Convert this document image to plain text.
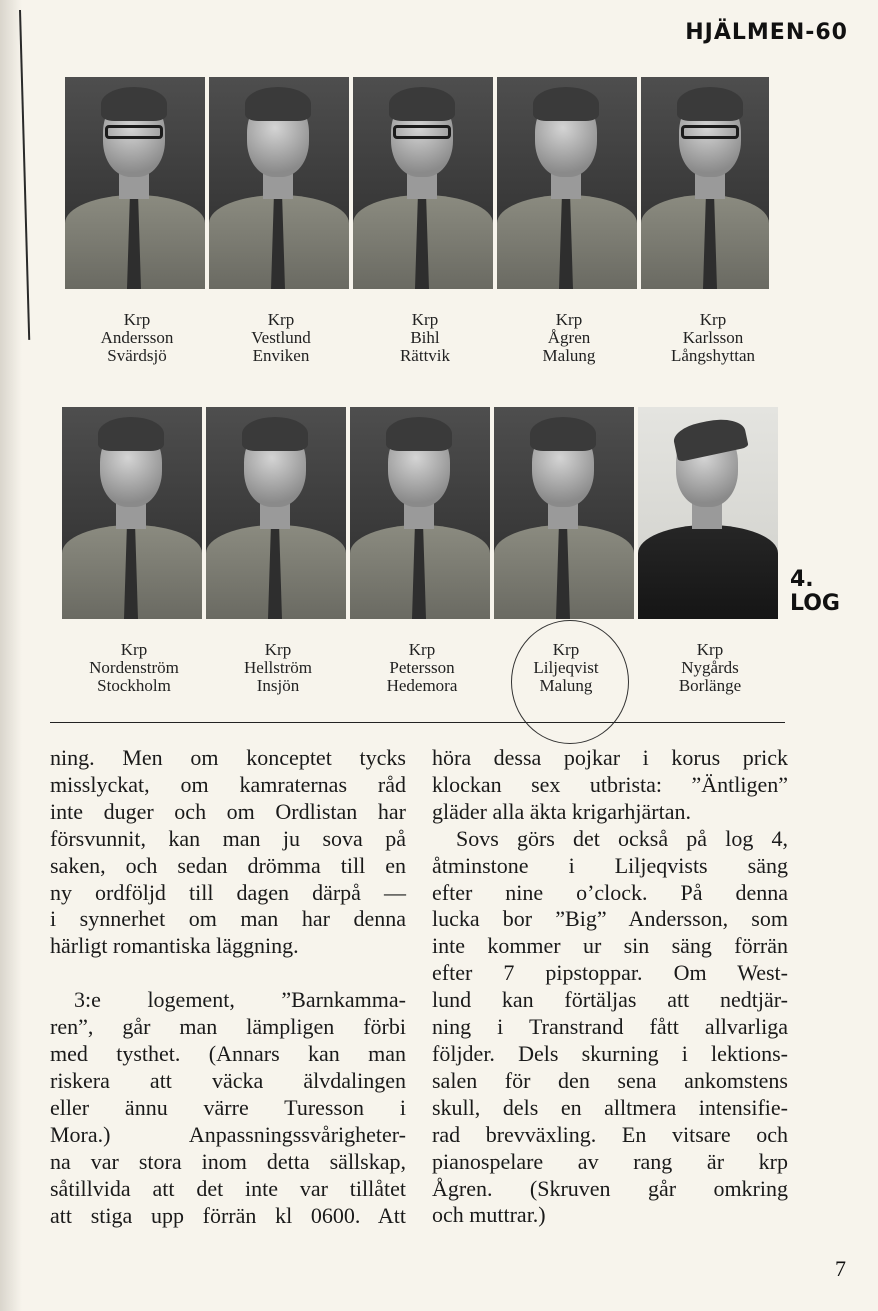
HJÄLMEN-60
Krp
Andersson
Svärdsjö
Krp
Vestlund
Enviken
Krp
Bihl
Rättvik
Krp
Ågren
Malung
Krp
Karlsson
Långshyttan
4.
LOG
Krp
Nordenström
Stockholm
Krp
Hellström
Insjön
Krp
Petersson
Hedemora
Krp
Liljeqvist
Malung
Krp
Nygårds
Borlänge
ning. Men om konceptet tycks
misslyckat, om kamraternas råd
inte duger och om Ordlistan har
försvunnit, kan man ju sova på
saken, och sedan drömma till en
ny ordföljd till dagen därpå —
i synnerhet om man har denna
härligt romantiska läggning.
3:e logement, ”Barnkamma-
ren”, går man lämpligen förbi
med tysthet. (Annars kan man
riskera att väcka älvdalingen
eller ännu värre Turesson i
Mora.) Anpassningssvårigheter-
na var stora inom detta sällskap,
såtillvida att det inte var tillåtet
att stiga upp förrän kl 0600. Att
höra dessa pojkar i korus prick
klockan sex utbrista: ”Äntligen”
gläder alla äkta krigarhjärtan.
Sovs görs det också på log 4,
åtminstone i Liljeqvists säng
efter nine o’clock. På denna
lucka bor ”Big” Andersson, som
inte kommer ur sin säng förrän
efter 7 pipstoppar. Om West-
lund kan förtäljas att nedtjär-
ning i Transtrand fått allvarliga
följder. Dels skurning i lektions-
salen för den sena ankomstens
skull, dels en alltmera intensifie-
rad brevväxling. En vitsare och
pianospelare av rang är krp
Ågren. (Skruven går omkring
och muttrar.)
7
